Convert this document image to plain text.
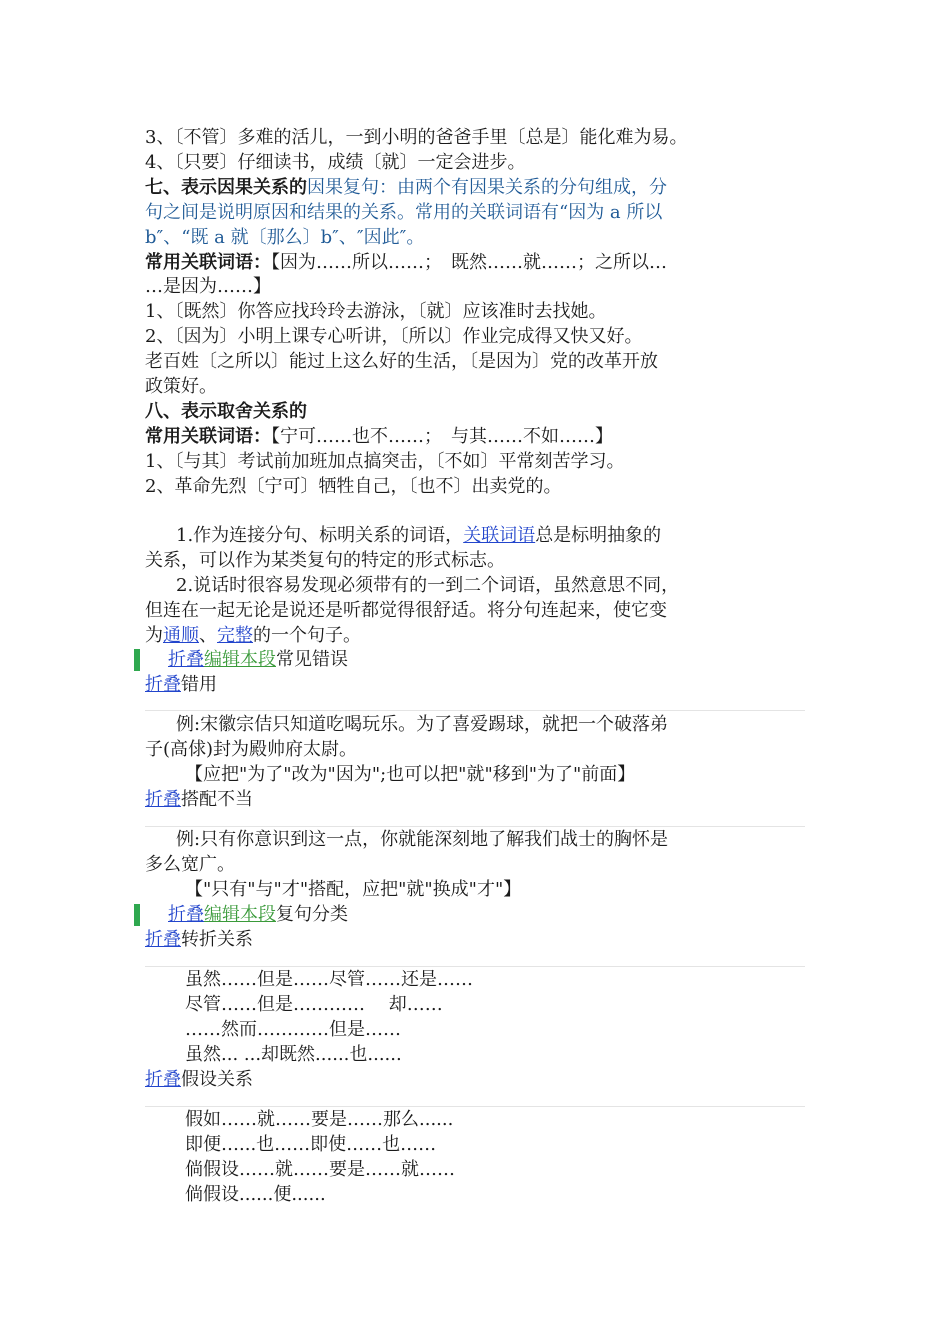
3、〔不管〕多难的活儿，一到小明的爸爸手里〔总是〕能化难为易。
4、〔只要〕仔细读书，成绩〔就〕一定会进步。
七、表示因果关系的因果复句：由两个有因果关系的分句组成，分
句之间是说明原因和结果的关系。常用的关联词语有“因为 a 所以
b″、“既 a 就〔那么〕b″、″因此″。
常用关联词语：【因为……所以……；　既然……就……；之所以…
…是因为……】
1、〔既然〕你答应找玲玲去游泳，〔就〕应该准时去找她。
2、〔因为〕小明上课专心听讲，〔所以〕作业完成得又快又好。
老百姓〔之所以〕能过上这么好的生活，〔是因为〕党的改革开放
政策好。
八、表示取舍关系的
常用关联词语：【宁可……也不……；　与其……不如……】
1、〔与其〕考试前加班加点搞突击，〔不如〕平常刻苦学习。
2、革命先烈〔宁可〕牺牲自己，〔也不〕出卖党的。
1.作为连接分句、标明关系的词语，关联词语总是标明抽象的
关系，可以作为某类复句的特定的形式标志。
2.说话时很容易发现必须带有的一到二个词语，虽然意思不同，
但连在一起无论是说还是听都觉得很舒适。将分句连起来，使它变
为通顺、完整的一个句子。
折叠编辑本段常见错误
折叠错用
例:宋徽宗佶只知道吃喝玩乐。为了喜爱踢球，就把一个破落弟
子(高俅)封为殿帅府太尉。
【应把"为了"改为"因为";也可以把"就"移到"为了"前面】
折叠搭配不当
例:只有你意识到这一点，你就能深刻地了解我们战士的胸怀是
多么宽广。
【"只有"与"才"搭配，应把"就"换成"才"】
折叠编辑本段复句分类
折叠转折关系
虽然……但是……尽管……还是……
尽管……但是………… 　却……
……然而…………但是……
虽然... ...却既然......也......
折叠假设关系
假如……就……要是……那么......
即便…...也……即使……也……
倘假设……就……要是……就……
倘假设......便......
